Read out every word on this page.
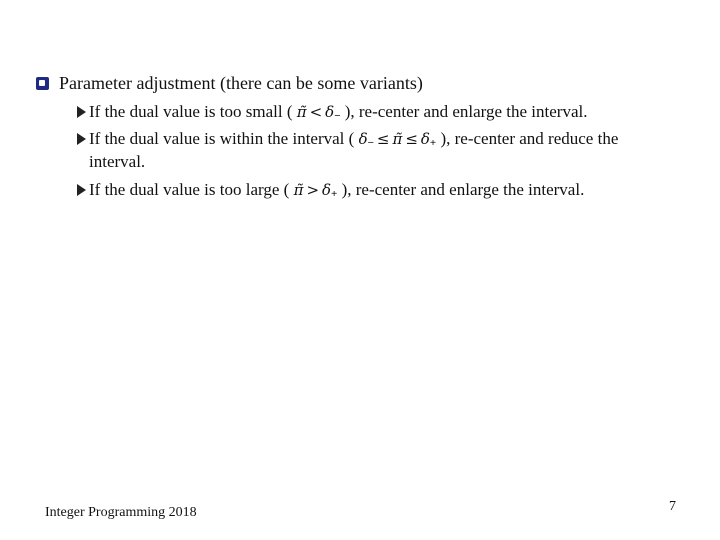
Parameter adjustment (there can be some variants)
If the dual value is too small ( π̃ < δ− ), re-center and enlarge the interval.
If the dual value is within the interval ( δ− ≤ π̃ ≤ δ+ ), re-center and reduce the
interval.
If the dual value is too large ( π̃ > δ+ ), re-center and enlarge the interval.
Integer Programming 2018	7
